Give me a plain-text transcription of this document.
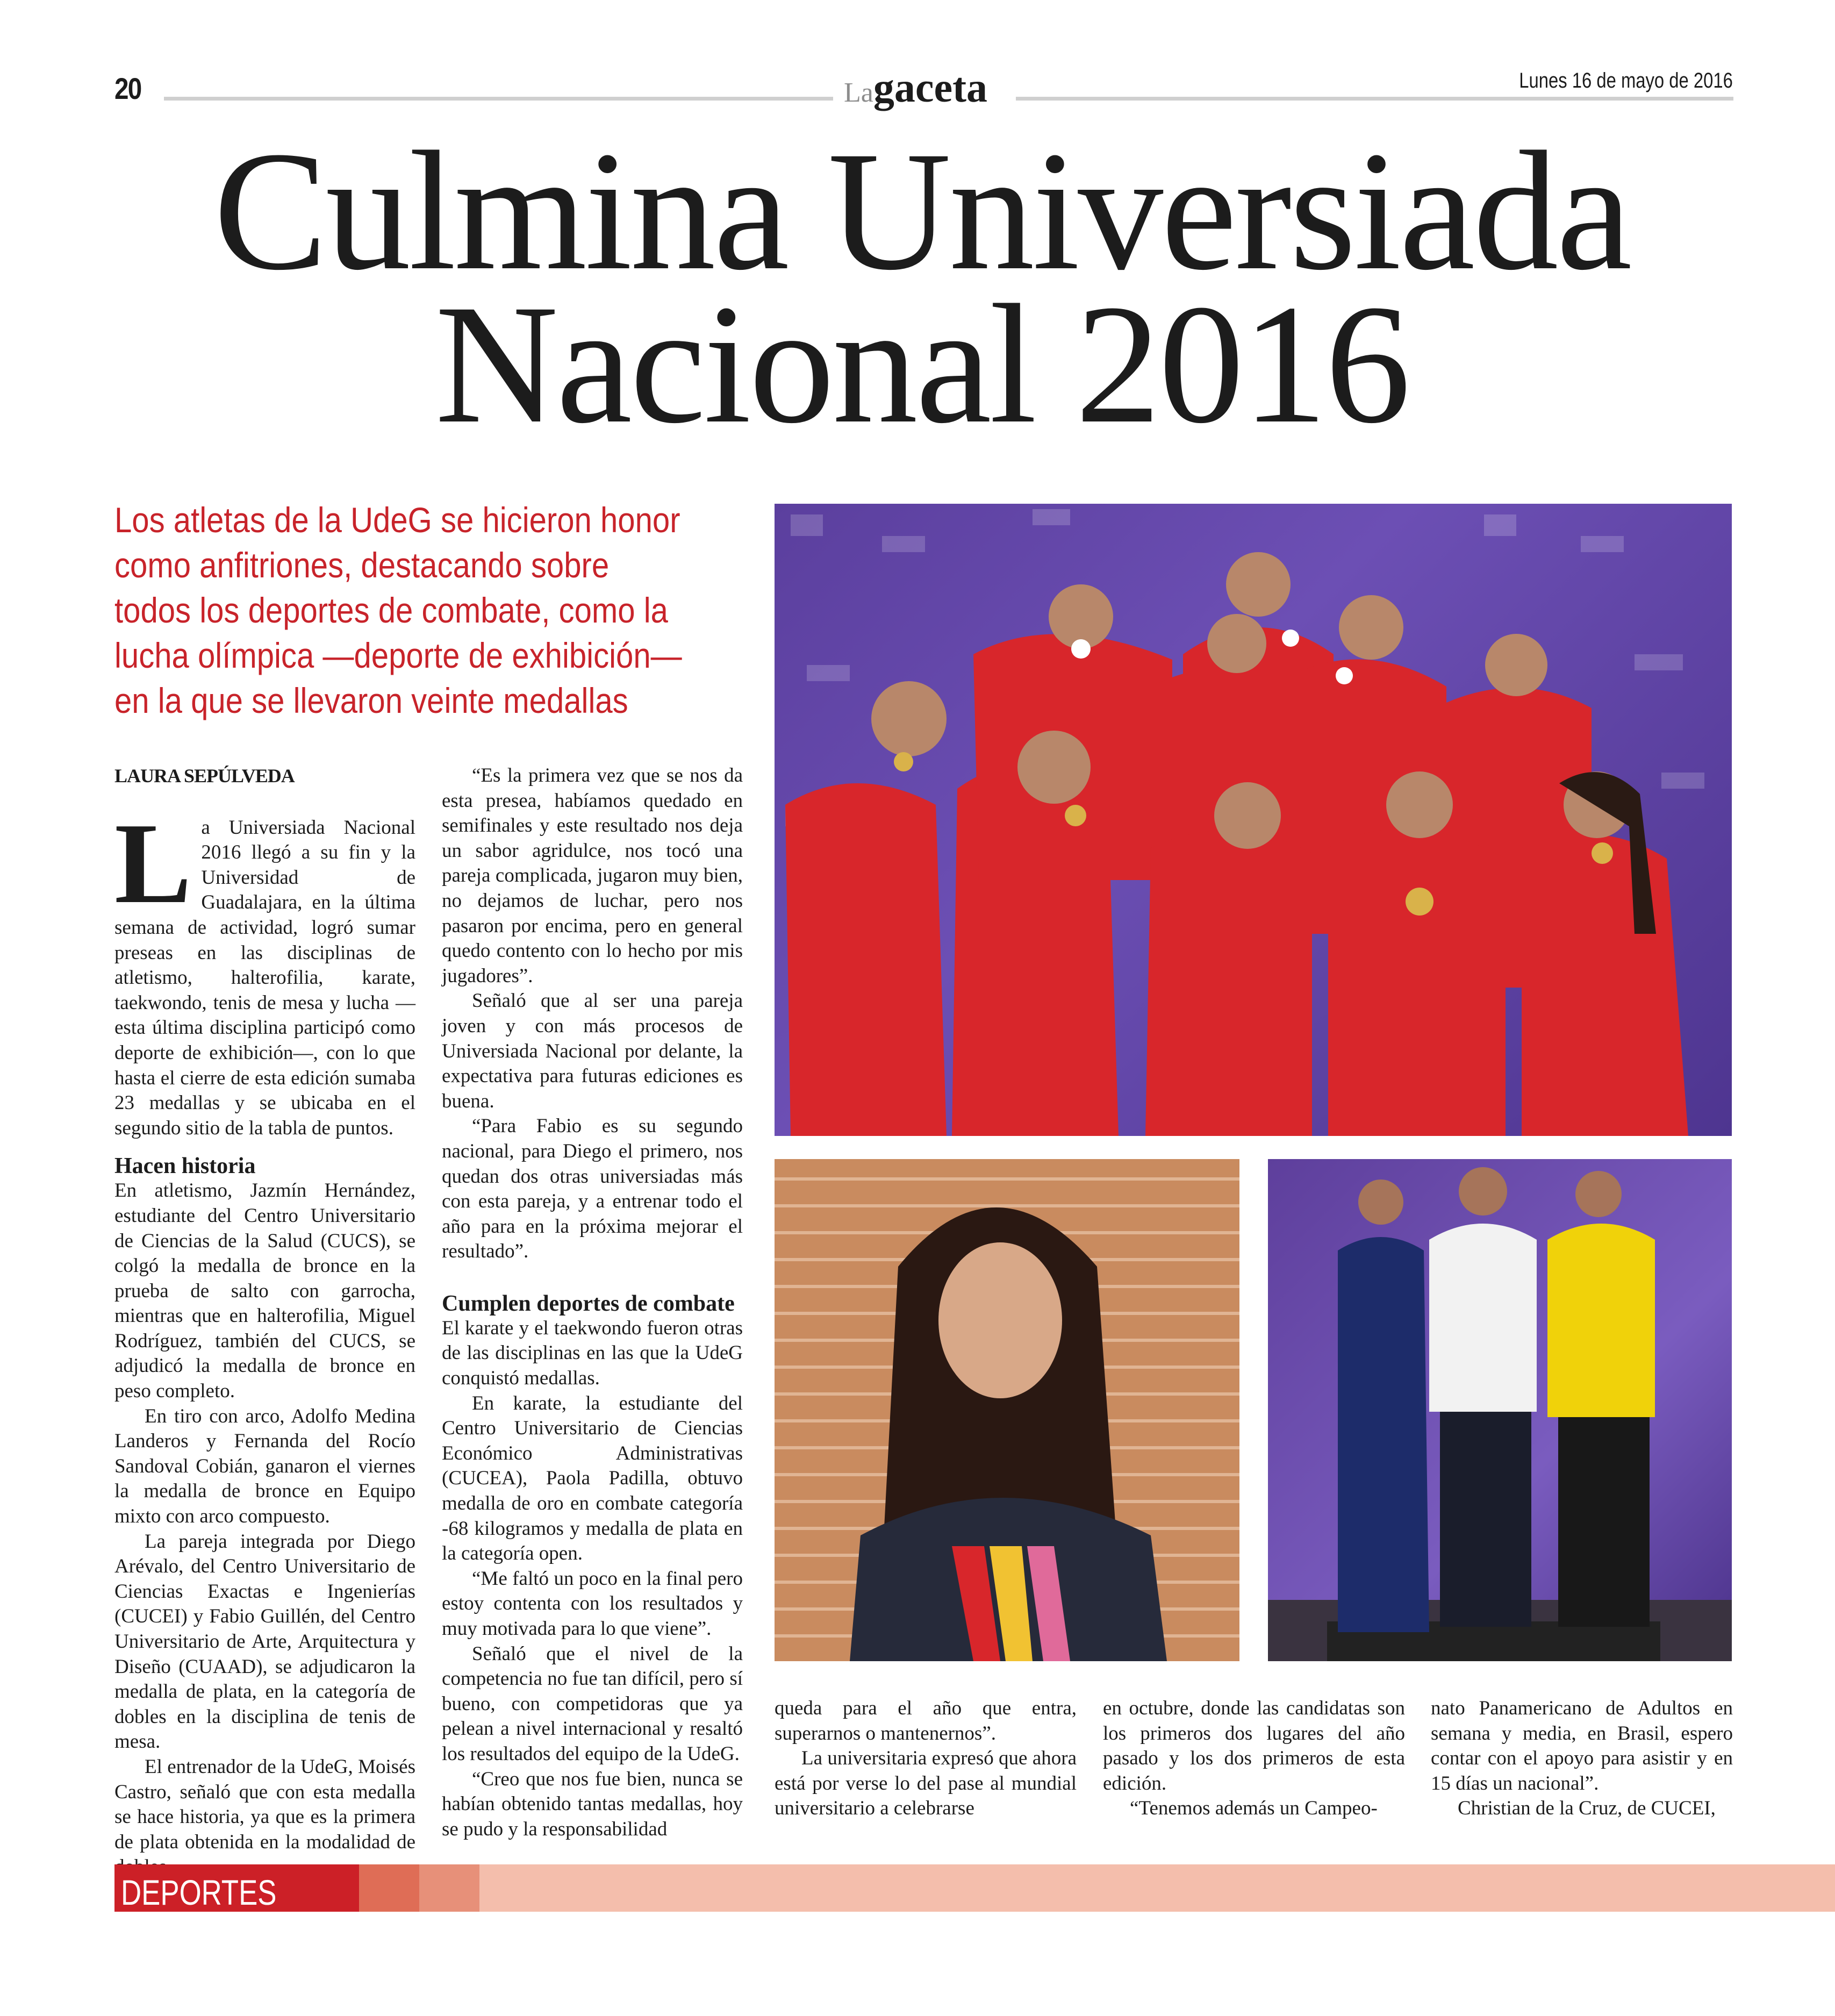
20	Lagaceta	Lunes 16 de mayo de 2016
Culmina Universiada
Nacional 2016

Los atletas de la UdeG se hicieron honor como anfitriones, destacando sobre todos los deportes de combate, como la lucha olímpica —deporte de exhibición— en la que se llevaron veinte medallas

LAURA SEPÚLVEDA

La Universiada Nacional 2016 llegó a su fin y la Universidad de Guadalajara, en la última semana de actividad, logró sumar preseas en las disciplinas de atletismo, halterofilia, karate, taekwondo, tenis de mesa y lucha —esta última disciplina participó como deporte de exhibición—, con lo que hasta el cierre de esta edición sumaba 23 medallas y se ubicaba en el segundo sitio de la tabla de puntos.

Hacen historia

En atletismo, Jazmín Hernández, estudiante del Centro Universitario de Ciencias de la Salud (CUCS), se colgó la medalla de bronce en la prueba de salto con garrocha, mientras que en halterofilia, Miguel Rodríguez, también del CUCS, se adjudicó la medalla de bronce en peso completo.

En tiro con arco, Adolfo Medina Landeros y Fernanda del Rocío Sandoval Cobián, ganaron el viernes la medalla de bronce en Equipo mixto con arco compuesto.

La pareja integrada por Diego Arévalo, del Centro Universitario de Ciencias Exactas e Ingenierías (CUCEI) y Fabio Guillén, del Centro Universitario de Arte, Arquitectura y Diseño (CUAAD), se adjudicaron la medalla de plata, en la categoría de dobles en la disciplina de tenis de mesa.

El entrenador de la UdeG, Moisés Castro, señaló que con esta medalla se hace historia, ya que es la primera de plata obtenida en la modalidad de

“Es la primera vez que se nos da esta presea, habíamos quedado en semifinales y este resultado nos deja un sabor agridulce, nos tocó una pareja complicada, jugaron muy bien, no dejamos de luchar, pero nos pasaron por encima, pero en general quedo contento con lo hecho por mis jugadores”.

Señaló que al ser una pareja joven y con más procesos de Universiada Nacional por delante, la expectativa para futuras ediciones es buena.

“Para Fabio es su segundo nacional, para Diego el primero, nos quedan dos otras universiadas más con esta pareja, y a entrenar todo el año para en la próxima mejorar el resultado”.

Cumplen deportes de combate

El karate y el taekwondo fueron otras de las disciplinas en las que la UdeG conquistó medallas.

En karate, la estudiante del Centro Universitario de Ciencias Económico Administrativas (CUCEA), Paola Padilla, obtuvo medalla de oro en combate categoría -68 kilogramos y medalla de plata en la categoría open.

“Me faltó un poco en la final pero estoy contenta con los resultados y muy motivada para lo que viene”.

Señaló que el nivel de la competencia no fue tan difícil, pero sí bueno, con competidoras que ya pelean a nivel internacional y resaltó los resultados del equipo de la UdeG.

“Creo que nos fue bien, nunca se habían obtenido tantas medallas, hoy se pudo y la responsabilidad

queda para el año que entra, superarnos o mantenernos”.

La universitaria expresó que ahora está por verse lo del pase al mundial universitario a celebrarse

en octubre, donde las candidatas son los primeros dos lugares del año pasado y los dos primeros de esta edición.

“Tenemos además un Campeo-

nato Panamericano de Adultos en semana y media, en Brasil, espero contar con el apoyo para asistir y en 15 días un nacional”.

Christian de la Cruz, de CUCEI,

DEPORTES
